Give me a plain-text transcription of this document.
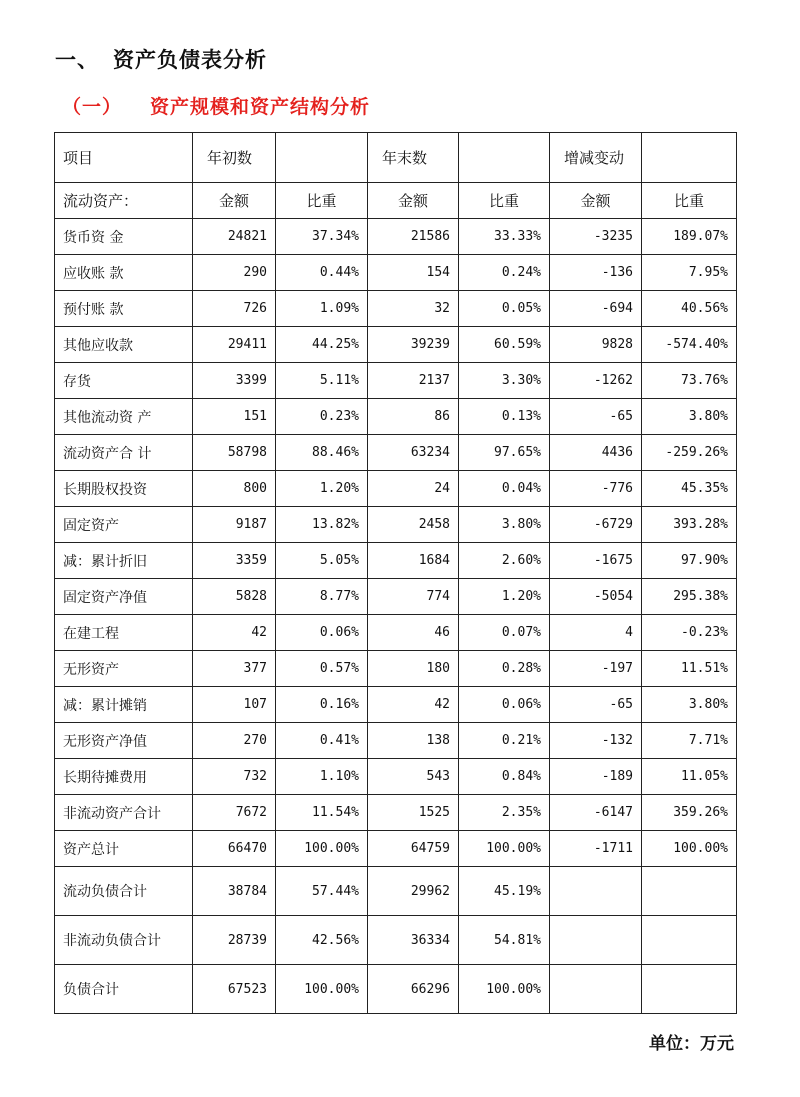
一、 资产负债表分析
（一） 资产规模和资产结构分析
项目	年初数		年末数		增减变动	
流动资产：	金额	比重	金额	比重	金额	比重
货币资 金	24821	37.34%	21586	33.33%	-3235	189.07%
应收账 款	290	0.44%	154	0.24%	-136	7.95%
预付账 款	726	1.09%	32	0.05%	-694	40.56%
其他应收款	29411	44.25%	39239	60.59%	9828	-574.40%
存货	3399	5.11%	2137	3.30%	-1262	73.76%
其他流动资 产	151	0.23%	86	0.13%	-65	3.80%
流动资产合 计	58798	88.46%	63234	97.65%	4436	-259.26%
长期股权投资	800	1.20%	24	0.04%	-776	45.35%
固定资产	9187	13.82%	2458	3.80%	-6729	393.28%
减：累计折旧	3359	5.05%	1684	2.60%	-1675	97.90%
固定资产净值	5828	8.77%	774	1.20%	-5054	295.38%
在建工程	42	0.06%	46	0.07%	4	-0.23%
无形资产	377	0.57%	180	0.28%	-197	11.51%
减：累计摊销	107	0.16%	42	0.06%	-65	3.80%
无形资产净值	270	0.41%	138	0.21%	-132	7.71%
长期待摊费用	732	1.10%	543	0.84%	-189	11.05%
非流动资产合计	7672	11.54%	1525	2.35%	-6147	359.26%
资产总计	66470	100.00%	64759	100.00%	-1711	100.00%
流动负债合计	38784	57.44%	29962	45.19%		
非流动负债合计	28739	42.56%	36334	54.81%		
负债合计	67523	100.00%	66296	100.00%		
单位：万元
